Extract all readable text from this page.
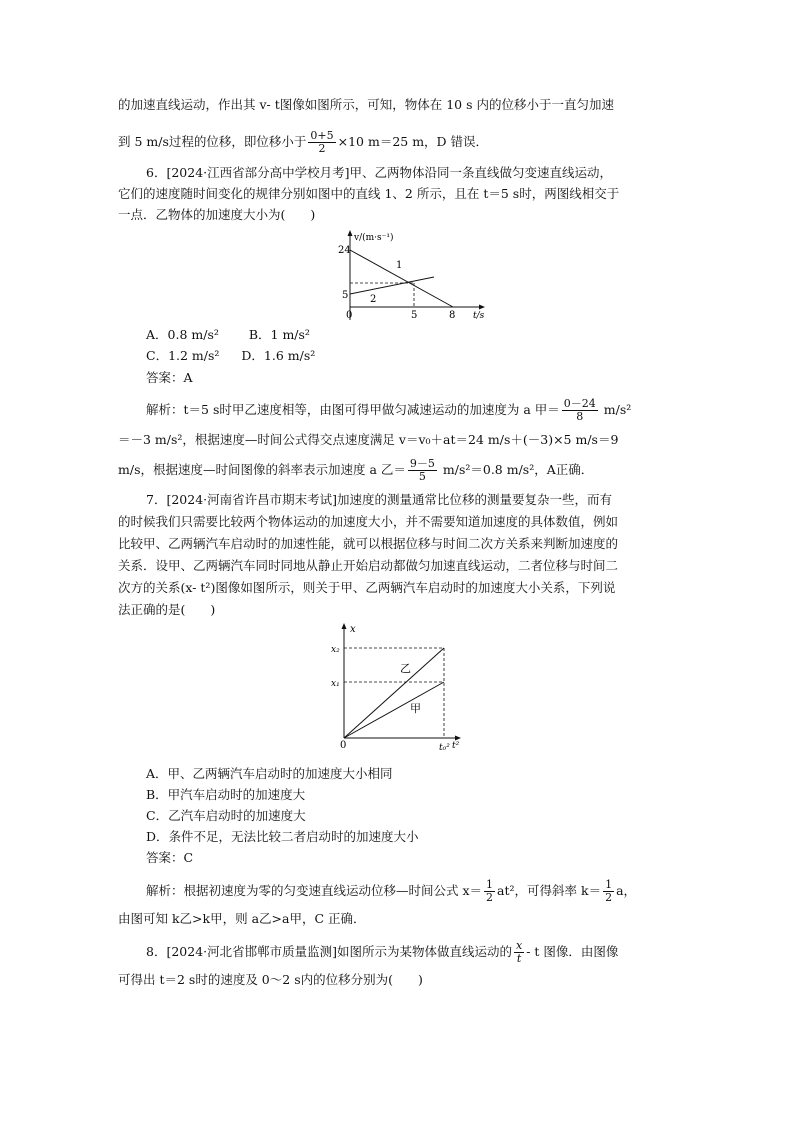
的加速直线运动，作出其 v- t图像如图所示，可知，物体在 10 s 内的位移小于一直匀加速
到 5 m/s过程的位移，即位移小于 $\frac{0+5}{2} \times 10$ m＝25 m，D 错误．
6．[2024·江西省部分高中学校月考]甲、乙两物体沿同一条直线做匀变速直线运动，
它们的速度随时间变化的规律分别如图中的直线 1、2 所示，且在 t＝5 s时，两图线相交于
一点．乙物体的加速度大小为(　　)
v/(m·s⁻¹)
24
5
0	5	8 t/s
1
2
A．0.8 m/s² B．1 m/s²
C．1.2 m/s² D．1.6 m/s²
答案：A
解析：t＝5 s时甲乙速度相等，由图可得甲做匀减速运动的加速度为 a 甲＝ $\frac{0-24}{8} m/s^2$
＝－3 m/s²，根据速度—时间公式得交点速度满足 v＝v₀＋at＝24 m/s＋(－3)×5 m/s＝9
m/s，根据速度—时间图像的斜率表示加速度 a 乙＝ $\frac{9-5}{5} m/s^2=0.8$ m/s²，A正确．
7．[2024·河南省许昌市期末考试]加速度的测量通常比位移的测量要复杂一些，而有
的时候我们只需要比较两个物体运动的加速度大小，并不需要知道加速度的具体数值，例如
比较甲、乙两辆汽车启动时的加速性能，就可以根据位移与时间二次方关系来判断加速度的
关系．设甲、乙两辆汽车同时同地从静止开始启动都做匀加速直线运动，二者位移与时间二
次方的关系(x- t²)图像如图所示，则关于甲、乙两辆汽车启动时的加速度大小关系，下列说
法正确的是(　　)
x
x₂
x₁
0	t₀² t²
乙
甲
A．甲、乙两辆汽车启动时的加速度大小相同
B．甲汽车启动时的加速度大
C．乙汽车启动时的加速度大
D．条件不足，无法比较二者启动时的加速度大小
答案：C
解析：根据初速度为零的匀变速直线运动位移—时间公式 $x= \frac{1}{2} at^2$，可得斜率 $k= \frac{1}{2}$ a，
由图可知 k乙>k甲，则 a乙>a甲，C 正确．
8．[2024·河北省邯郸市质量监测]如图所示为某物体做直线运动的 $\frac{x}{t}$ - t 图像．由图像
可得出 t＝2 s时的速度及 0～2 s内的位移分别为(　　)
